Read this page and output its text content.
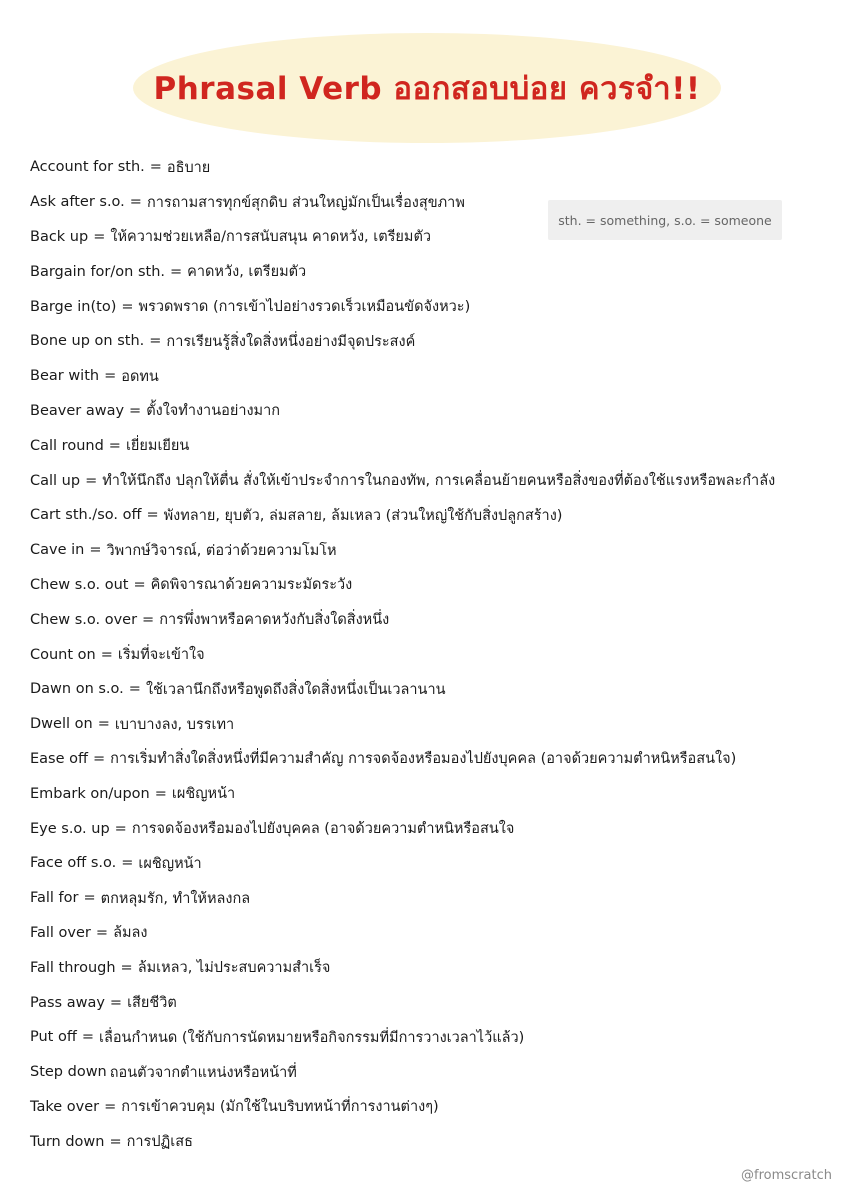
Phrasal Verb ออกสอบบ่อย ควรจำ!!
sth. = something, s.o. = someone
Account for sth. = อธิบาย
Ask after s.o. = การถามสารทุกข์สุกดิบ ส่วนใหญ่มักเป็นเรื่องสุขภาพ
Back up = ให้ความช่วยเหลือ/การสนับสนุน คาดหวัง, เตรียมตัว
Bargain for/on sth. = คาดหวัง, เตรียมตัว
Barge in(to) = พรวดพราด (การเข้าไปอย่างรวดเร็วเหมือนขัดจังหวะ)
Bone up on sth. = การเรียนรู้สิ่งใดสิ่งหนึ่งอย่างมีจุดประสงค์
Bear with = อดทน
Beaver away = ตั้งใจทำงานอย่างมาก
Call round = เยี่ยมเยียน
Call up = ทำให้นึกถึง ปลุกให้ตื่น สั่งให้เข้าประจำการในกองทัพ, การเคลื่อนย้ายคนหรือสิ่งของที่ต้องใช้แรงหรือพละกำลัง
Cart sth./so. off = พังทลาย, ยุบตัว, ล่มสลาย, ล้มเหลว (ส่วนใหญ่ใช้กับสิ่งปลูกสร้าง)
Cave in = วิพากษ์วิจารณ์, ต่อว่าด้วยความโมโห
Chew s.o. out = คิดพิจารณาด้วยความระมัดระวัง
Chew s.o. over = การพึ่งพาหรือคาดหวังกับสิ่งใดสิ่งหนึ่ง
Count on = เริ่มที่จะเข้าใจ
Dawn on s.o. = ใช้เวลานึกถึงหรือพูดถึงสิ่งใดสิ่งหนึ่งเป็นเวลานาน
Dwell on = เบาบางลง, บรรเทา
Ease off = การเริ่มทำสิ่งใดสิ่งหนึ่งที่มีความสำคัญ การจดจ้องหรือมองไปยังบุคคล (อาจด้วยความตำหนิหรือสนใจ)
Embark on/upon = เผชิญหน้า
Eye s.o. up = การจดจ้องหรือมองไปยังบุคคล (อาจด้วยความตำหนิหรือสนใจ
Face off s.o. = เผชิญหน้า
Fall for = ตกหลุมรัก, ทำให้หลงกล
Fall over = ล้มลง
Fall through = ล้มเหลว, ไม่ประสบความสำเร็จ
Pass away = เสียชีวิต
Put off = เลื่อนกำหนด (ใช้กับการนัดหมายหรือกิจกรรมที่มีการวางเวลาไว้แล้ว)
Step down ถอนตัวจากตำแหน่งหรือหน้าที่
Take over = การเข้าควบคุม (มักใช้ในบริบทหน้าที่การงานต่างๆ)
Turn down = การปฏิเสธ
@fromscratch
